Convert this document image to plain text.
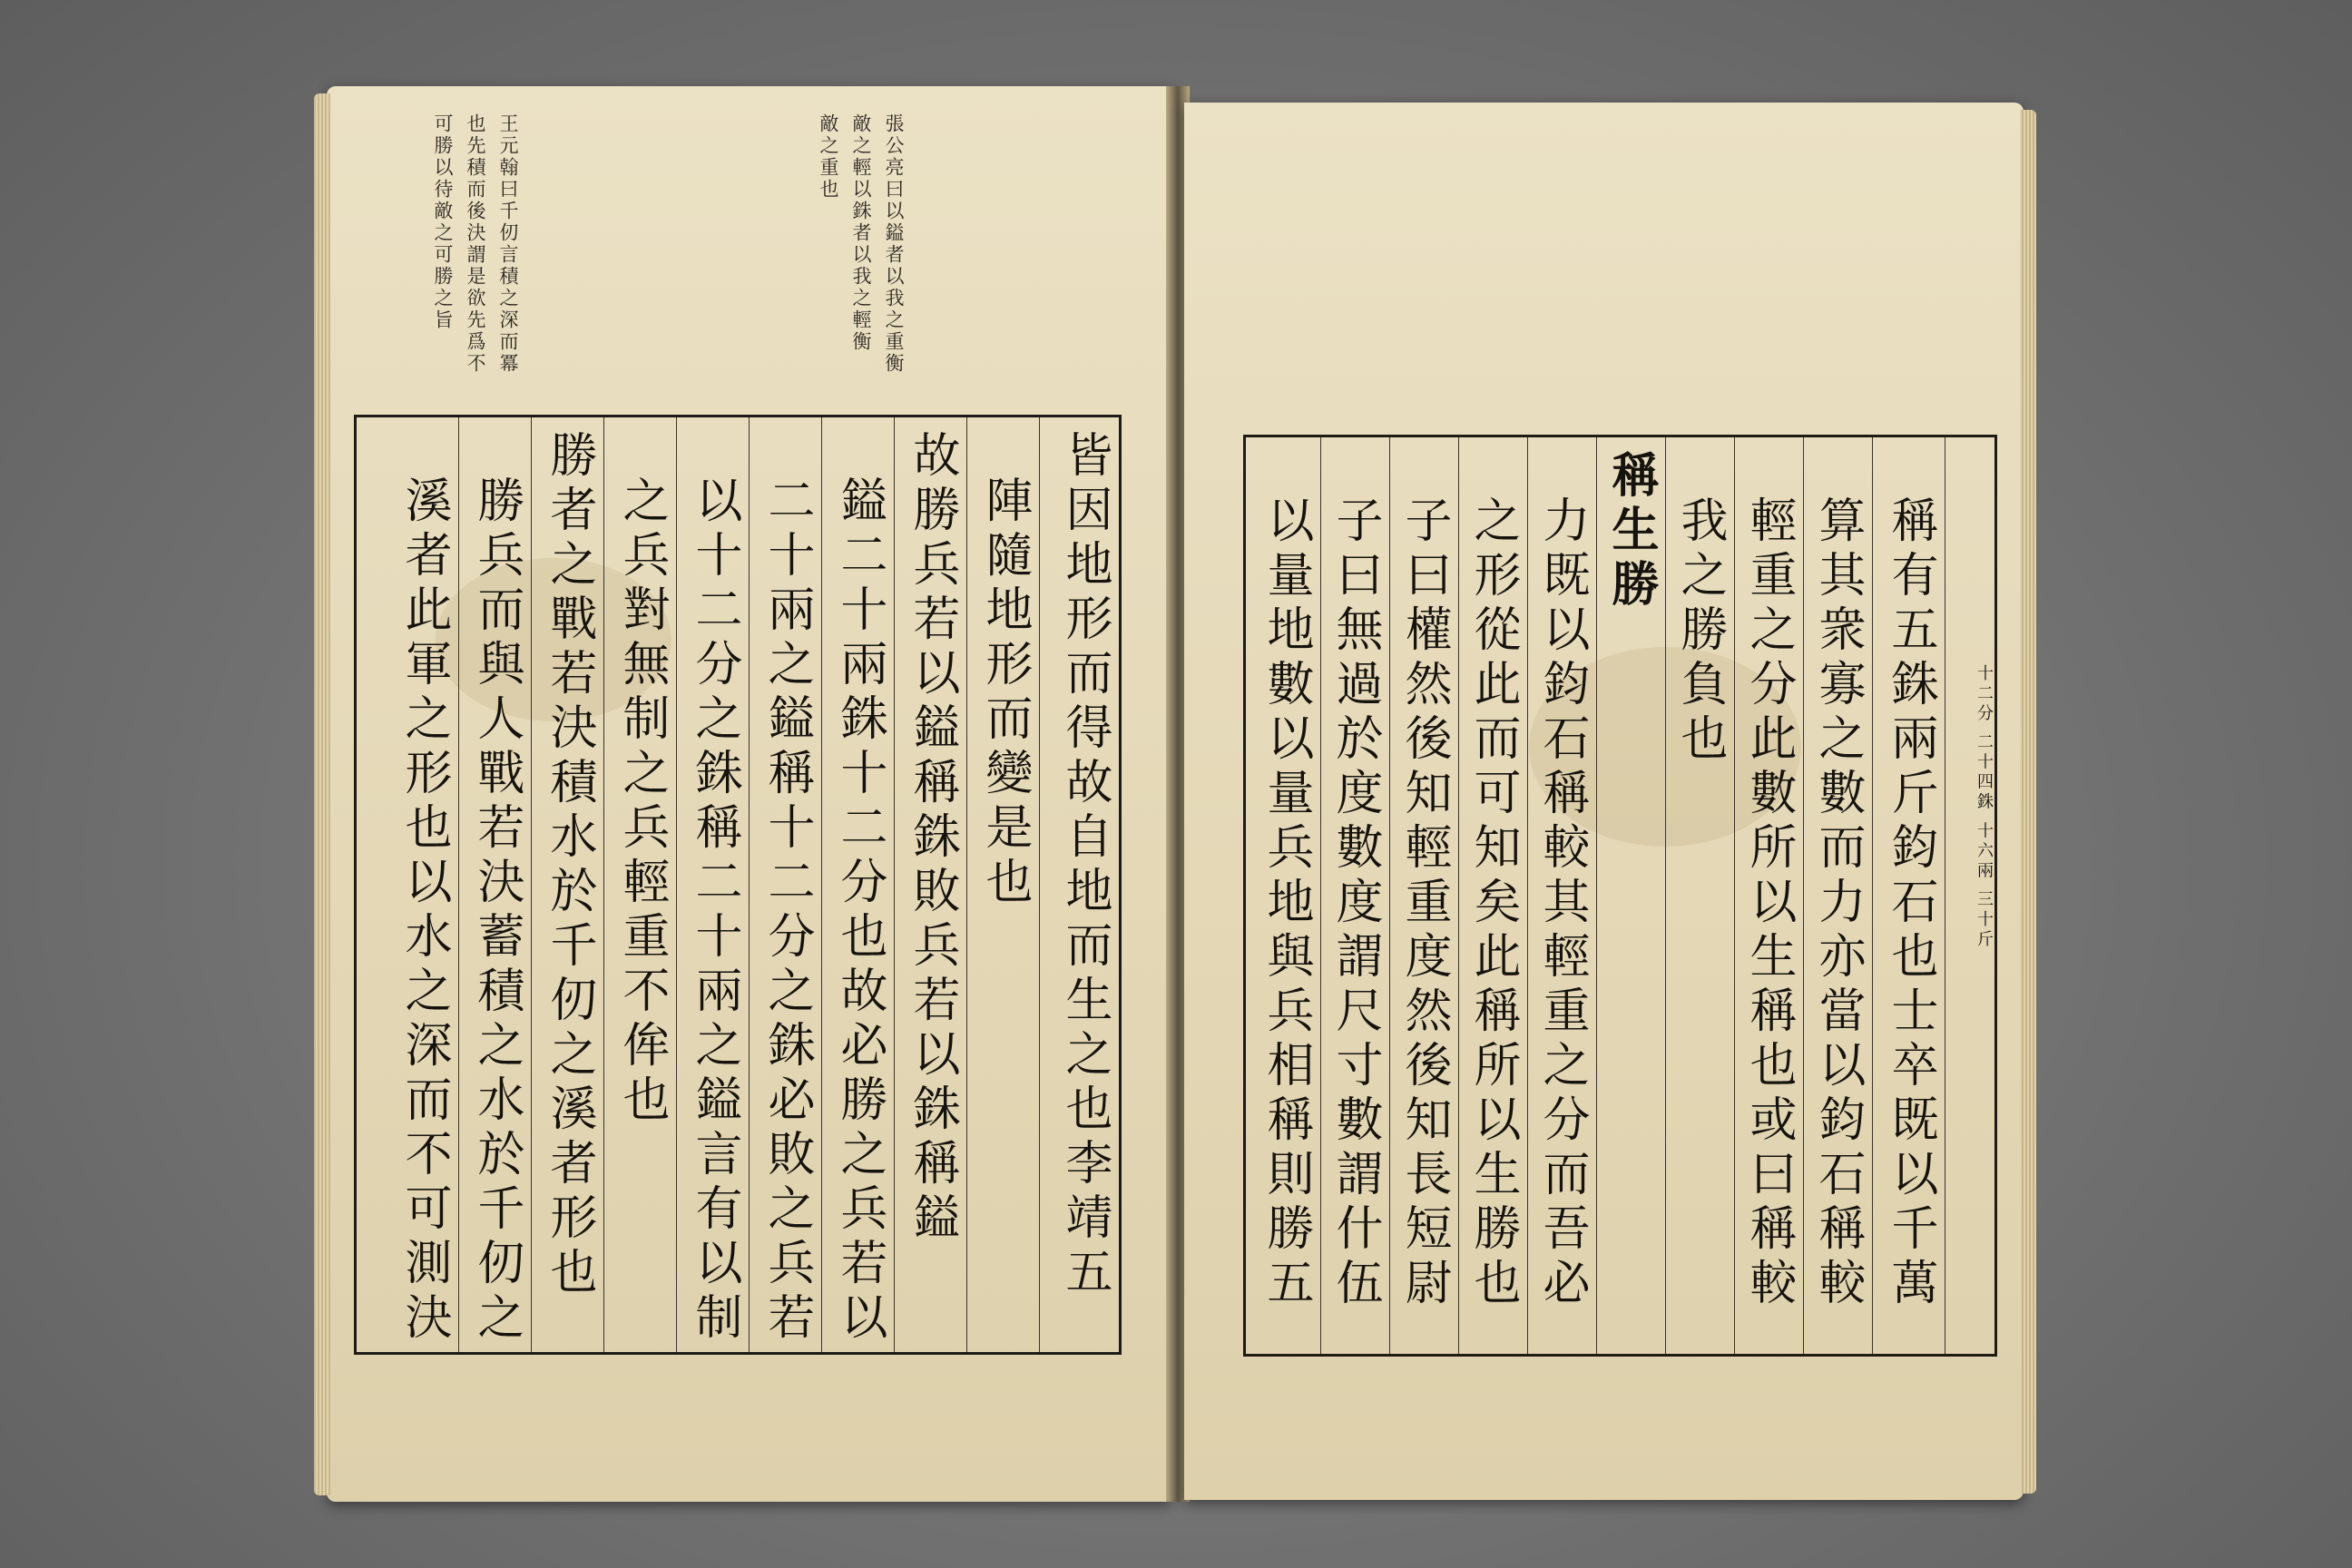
王元翰曰千仞言積之深而冪
也先積而後決謂是欲先爲不
可勝以待敵之可勝之旨	張公亮曰以鎰者以我之重衡
敵之輕以銖者以我之輕衡
敵之重也
皆因地形而得故自地而生之也李靖五
陣隨地形而變是也
故勝兵若以鎰稱銖敗兵若以銖稱鎰
鎰二十兩銖十二分也故必勝之兵若以
二十兩之鎰稱十二分之銖必敗之兵若
以十二分之銖稱二十兩之鎰言有以制
之兵對無制之兵輕重不侔也
勝者之戰若決積水於千仞之溪者形也
勝兵而與人戰若決蓄積之水於千仞之
溪者此軍之形也以水之深而不可測決	十二分 二十四銖 十六兩 三十斤
稱有五銖兩斤鈞石也士卒既以千萬
算其衆寡之數而力亦當以鈞石稱較
輕重之分此數所以生稱也或曰稱較
我之勝負也
稱生勝
力既以鈞石稱較其輕重之分而吾必
之形從此而可知矣此稱所以生勝也
子曰權然後知輕重度然後知長短尉
子曰無過於度數度謂尺寸數謂什伍
以量地數以量兵地與兵相稱則勝五
